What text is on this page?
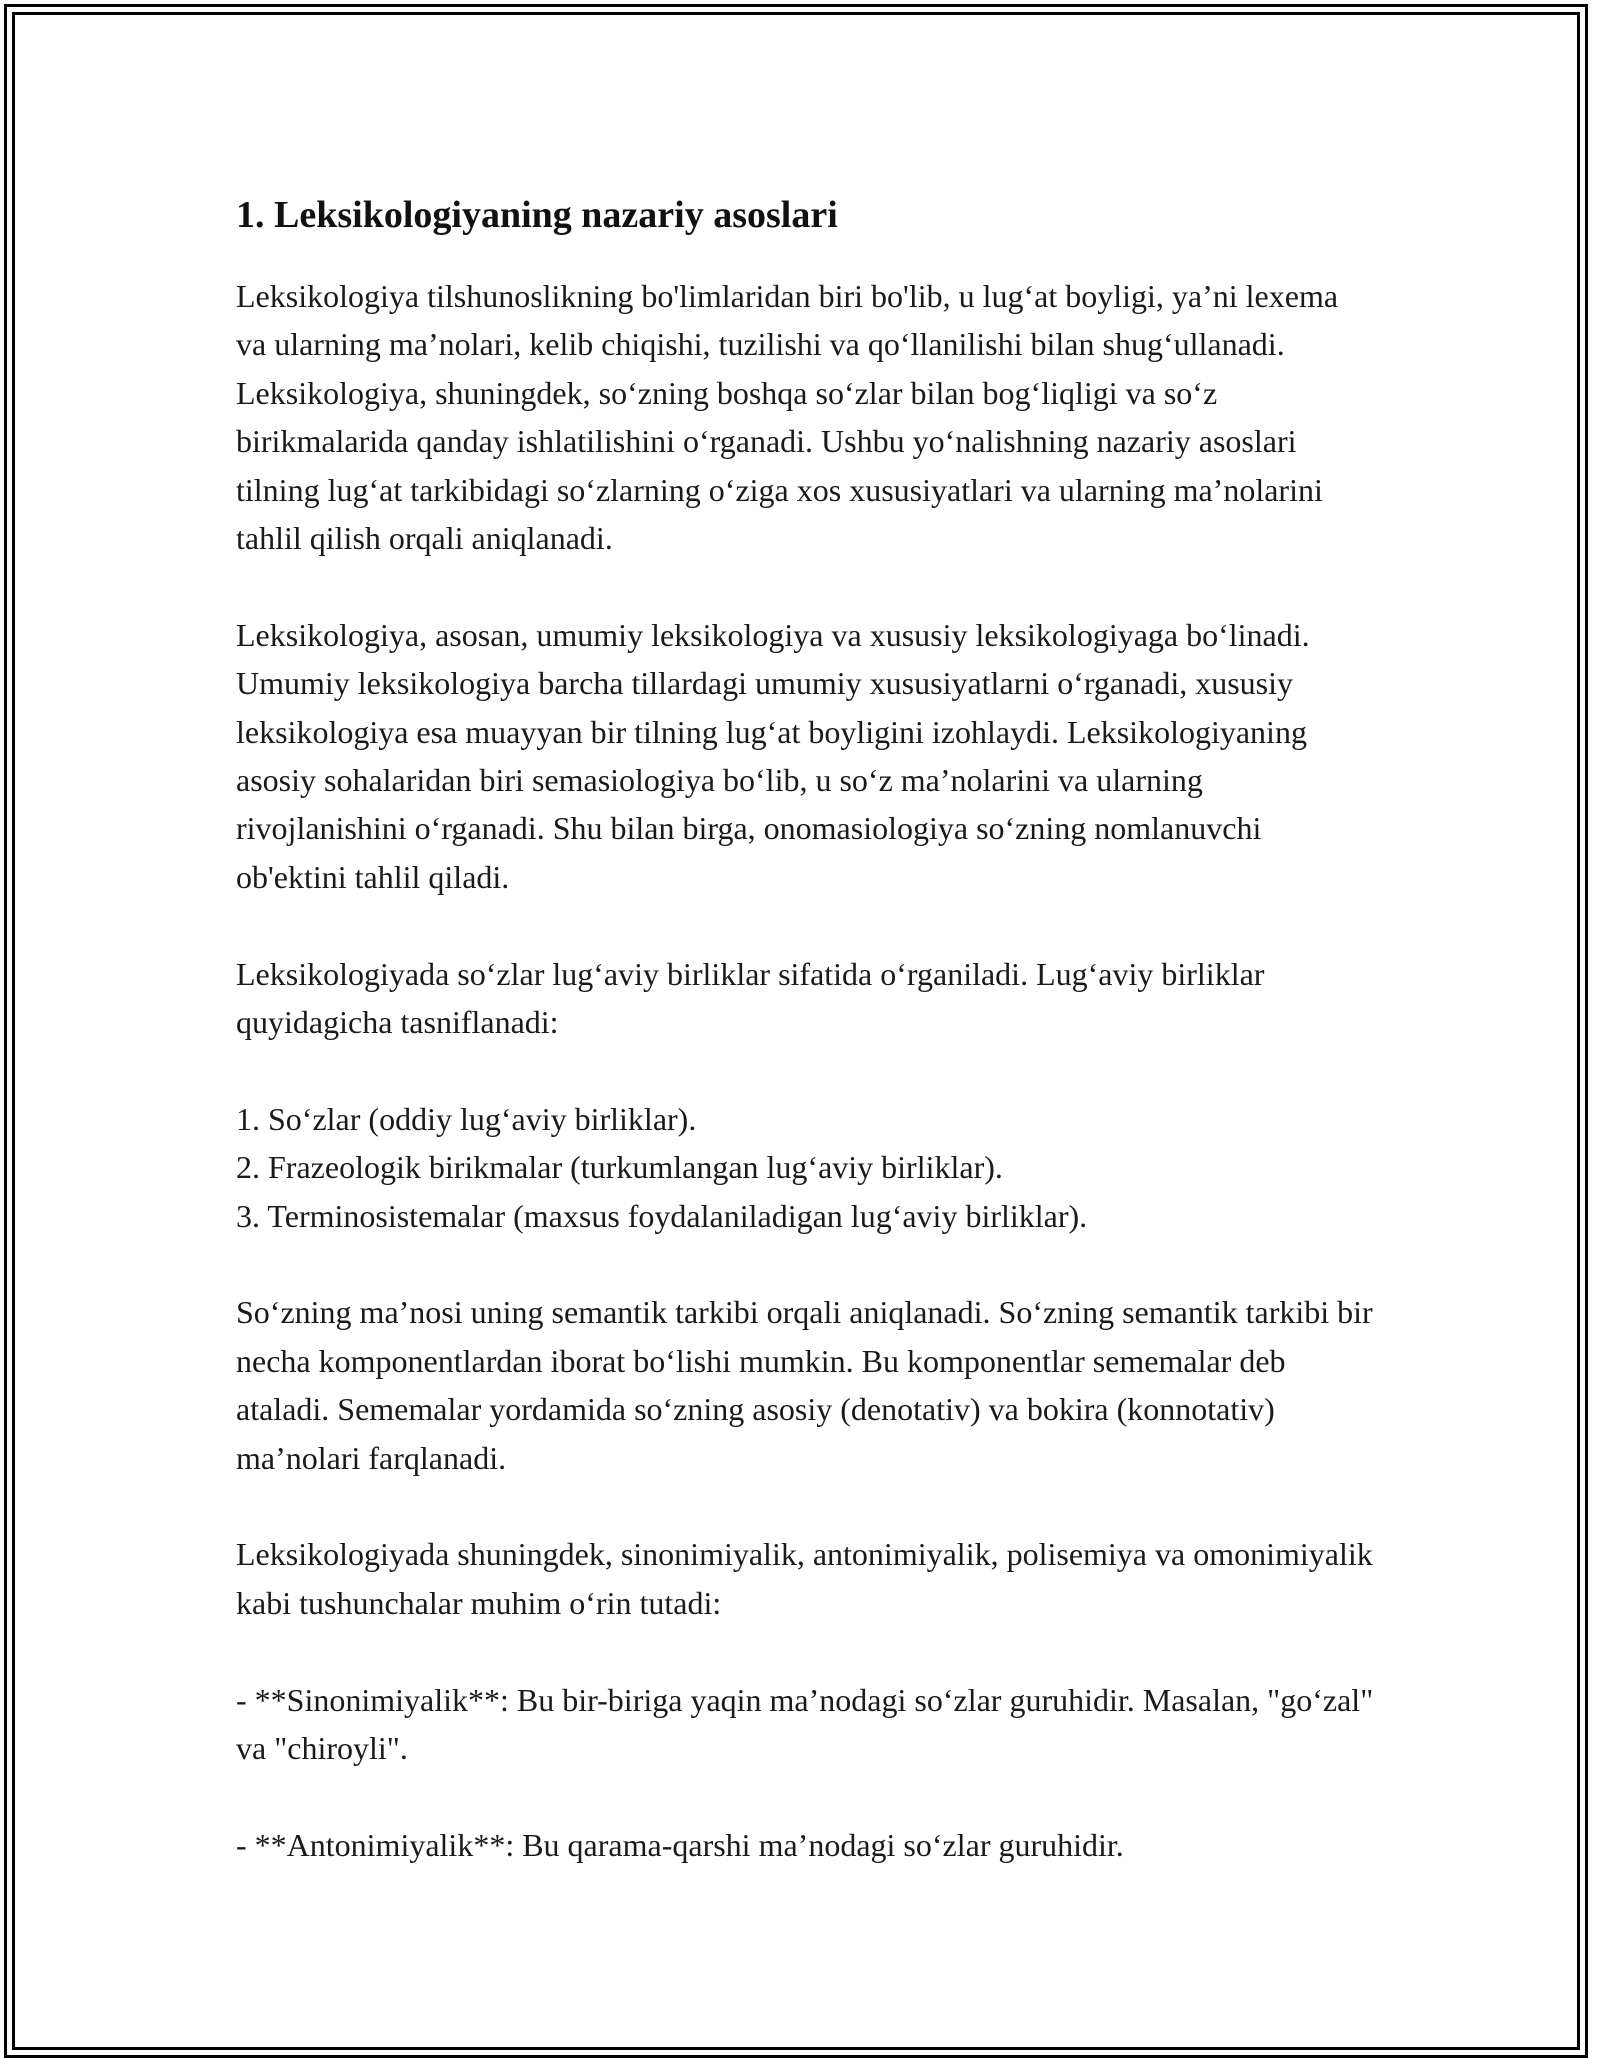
1. Leksikologiyaning nazariy asoslari

Leksikologiya tilshunoslikning bo'limlaridan biri bo'lib, u lug‘at boyligi, ya’ni lexema va ularning ma’nolari, kelib chiqishi, tuzilishi va qo‘llanilishi bilan shug‘ullanadi. Leksikologiya, shuningdek, so‘zning boshqa so‘zlar bilan bog‘liqligi va so‘z birikmalarida qanday ishlatilishini o‘rganadi. Ushbu yo‘nalishning nazariy asoslari tilning lug‘at tarkibidagi so‘zlarning o‘ziga xos xususiyatlari va ularning ma’nolarini tahlil qilish orqali aniqlanadi.

Leksikologiya, asosan, umumiy leksikologiya va xususiy leksikologiyaga bo‘linadi. Umumiy leksikologiya barcha tillardagi umumiy xususiyatlarni o‘rganadi, xususiy leksikologiya esa muayyan bir tilning lug‘at boyligini izohlaydi. Leksikologiyaning asosiy sohalaridan biri semasiologiya bo‘lib, u so‘z ma’nolarini va ularning rivojlanishini o‘rganadi. Shu bilan birga, onomasiologiya so‘zning nomlanuvchi ob'ektini tahlil qiladi.

Leksikologiyada so‘zlar lug‘aviy birliklar sifatida o‘rganiladi. Lug‘aviy birliklar quyidagicha tasniflanadi:

1. So‘zlar (oddiy lug‘aviy birliklar).
2. Frazeologik birikmalar (turkumlangan lug‘aviy birliklar).
3. Terminosistemalar (maxsus foydalaniladigan lug‘aviy birliklar).

So‘zning ma’nosi uning semantik tarkibi orqali aniqlanadi. So‘zning semantik tarkibi bir necha komponentlardan iborat bo‘lishi mumkin. Bu komponentlar sememalar deb ataladi. Sememalar yordamida so‘zning asosiy (denotativ) va bokira (konnotativ) ma’nolari farqlanadi.

Leksikologiyada shuningdek, sinonimiyalik, antonimiyalik, polisemiya va omonimiyalik kabi tushunchalar muhim o‘rin tutadi:

- **Sinonimiyalik**: Bu bir-biriga yaqin ma’nodagi so‘zlar guruhidir. Masalan, "go‘zal" va "chiroyli".

- **Antonimiyalik**: Bu qarama-qarshi ma’nodagi so‘zlar guruhidir.
